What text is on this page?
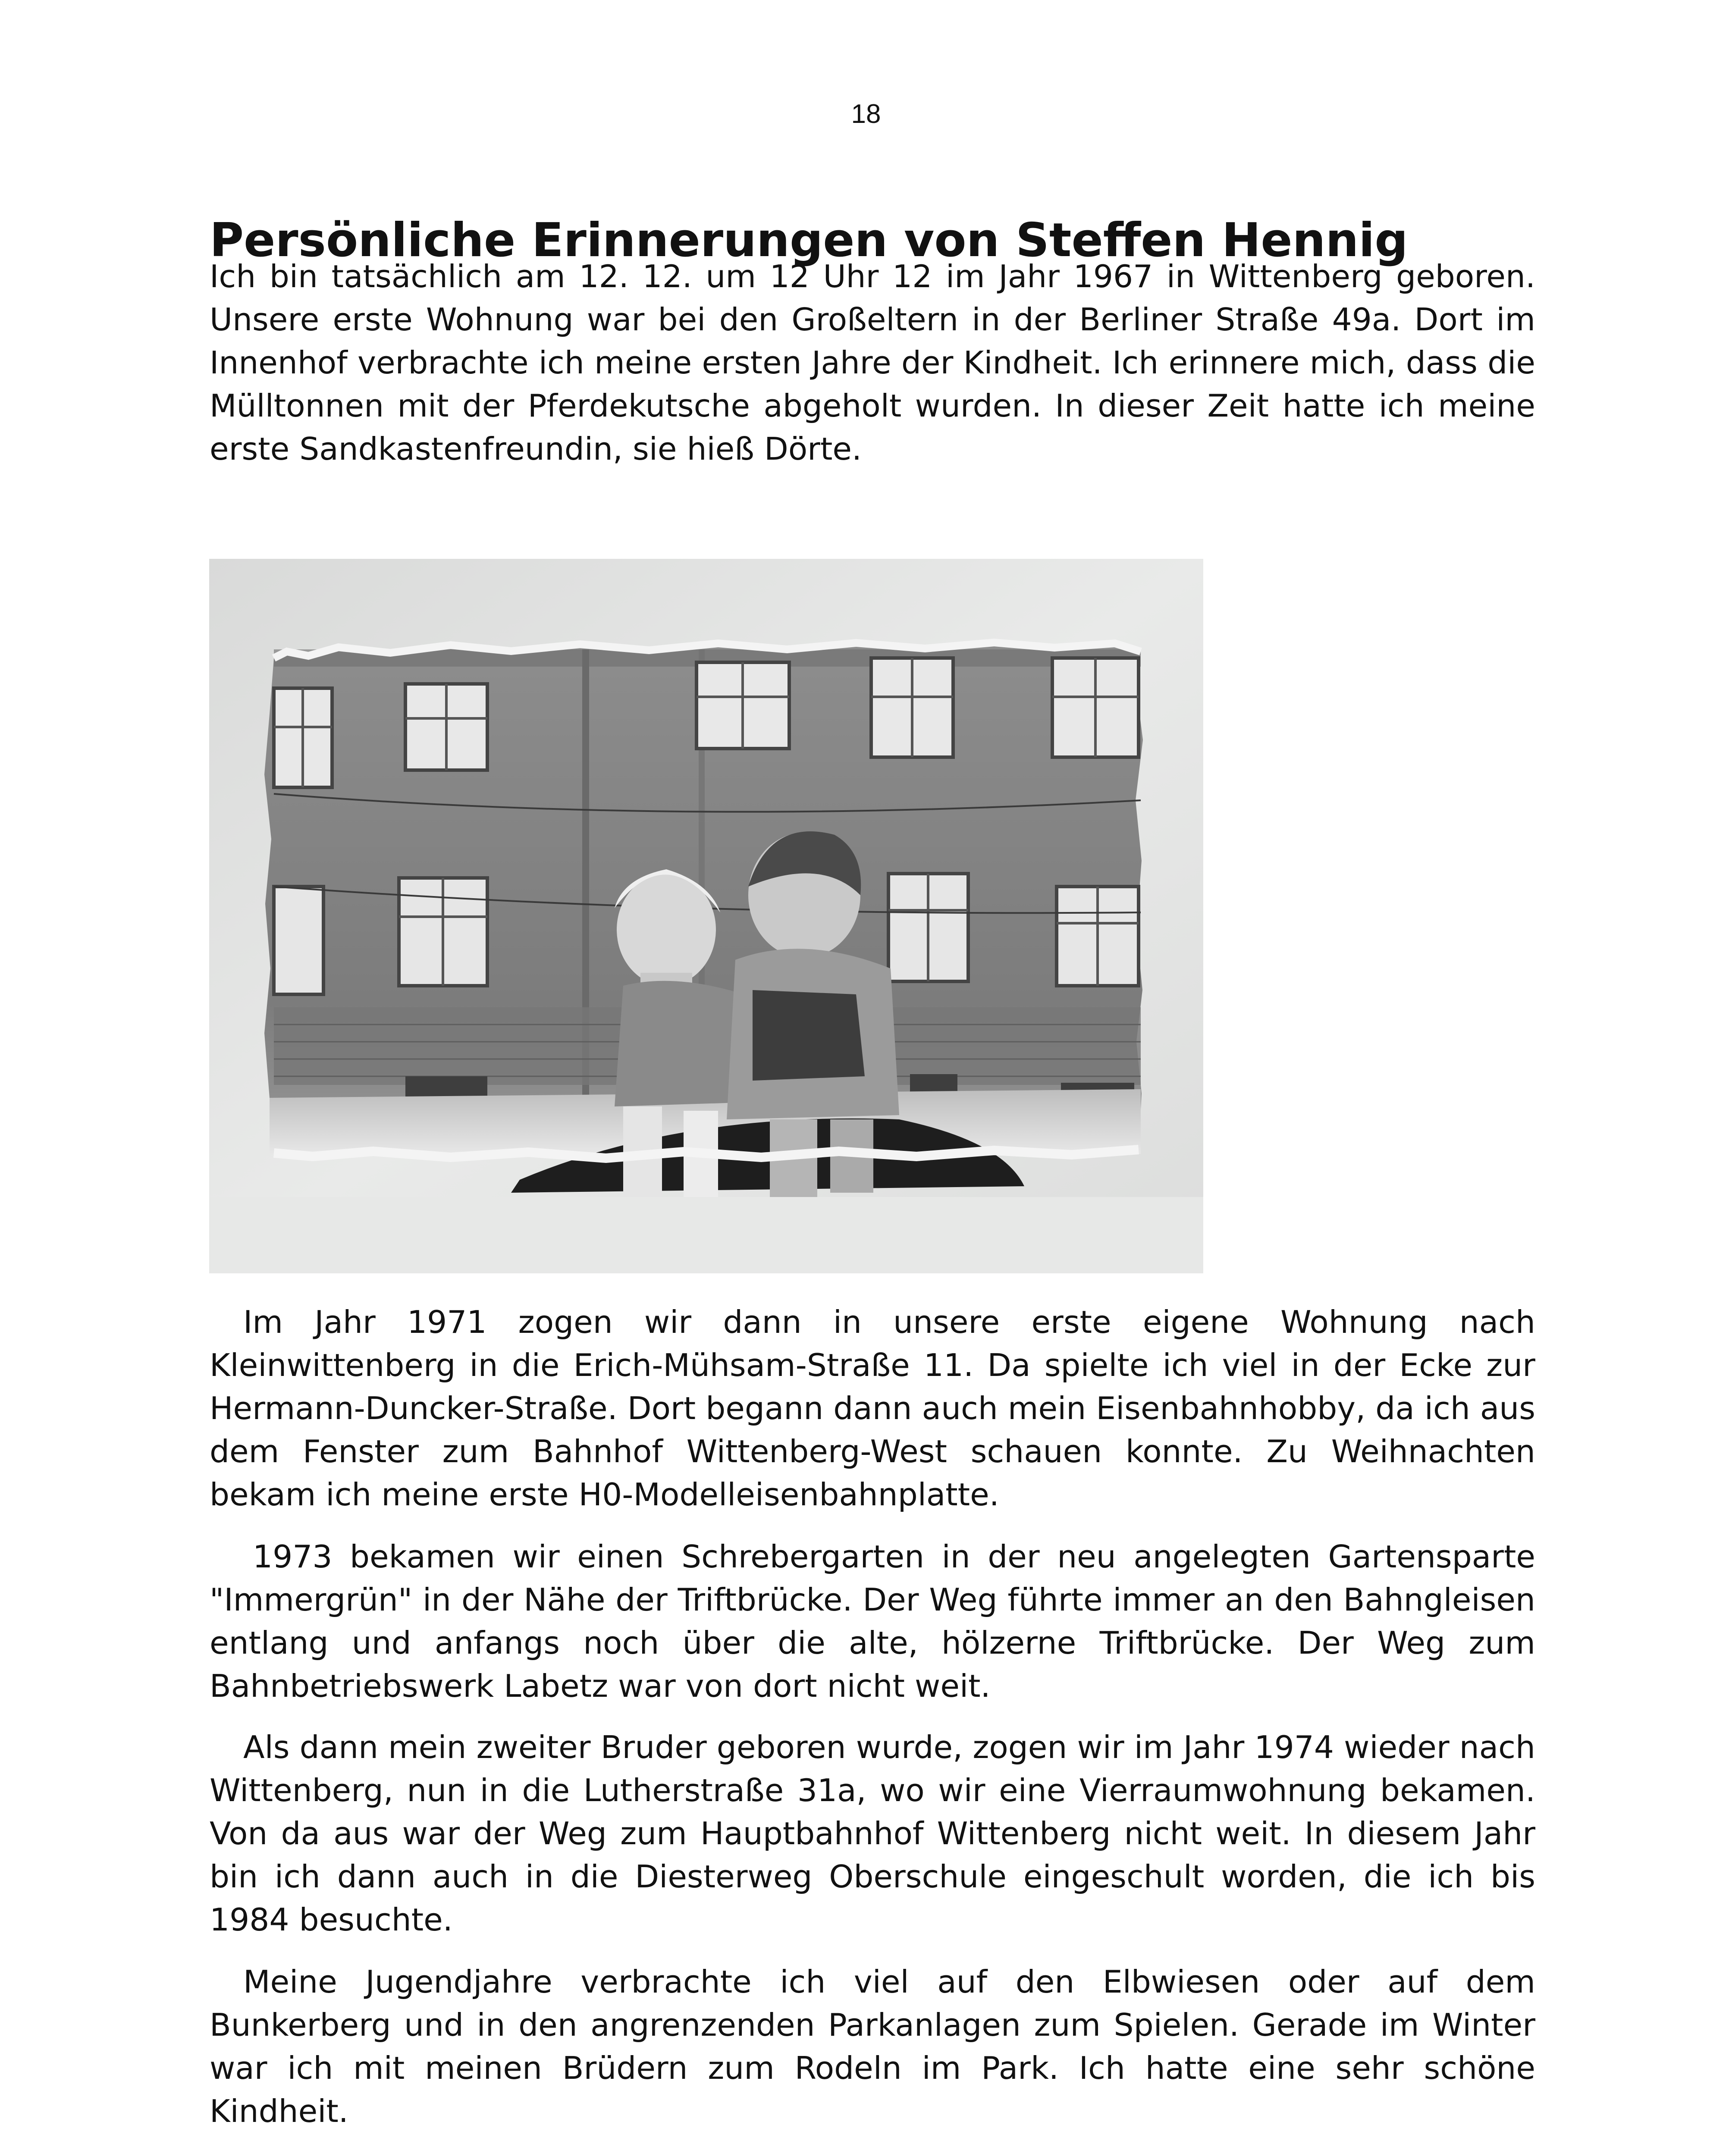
18
Persönliche Erinnerungen von Steffen Hennig

Ich bin tatsächlich am 12. 12. um 12 Uhr 12 im Jahr 1967 in Wittenberg geboren. Unsere erste Wohnung war bei den Großeltern in der Berliner Straße 49a. Dort im Innenhof verbrachte ich meine ersten Jahre der Kindheit. Ich erinnere mich, dass die Mülltonnen mit der Pferdekutsche abgeholt wurden. In dieser Zeit hatte ich meine erste Sandkastenfreundin, sie hieß Dörte.

Im Jahr 1971 zogen wir dann in unsere erste eigene Wohnung nach Kleinwittenberg in die Erich-Mühsam-Straße 11. Da spielte ich viel in der Ecke zur Hermann-Duncker-Straße. Dort begann dann auch mein Eisenbahnhobby, da ich aus dem Fenster zum Bahnhof Wittenberg-West schauen konnte. Zu Weihnachten bekam ich meine erste H0-Modelleisenbahnplatte.

1973 bekamen wir einen Schrebergarten in der neu angelegten Gartensparte "Immergrün" in der Nähe der Triftbrücke. Der Weg führte immer an den Bahngleisen entlang und anfangs noch über die alte, hölzerne Triftbrücke. Der Weg zum Bahnbetriebswerk Labetz war von dort nicht weit.

Als dann mein zweiter Bruder geboren wurde, zogen wir im Jahr 1974 wieder nach Wittenberg, nun in die Lutherstraße 31a, wo wir eine Vierraumwohnung bekamen. Von da aus war der Weg zum Hauptbahnhof Wittenberg nicht weit. In diesem Jahr bin ich dann auch in die Diesterweg Oberschule eingeschult worden, die ich bis 1984 besuchte.

Meine Jugendjahre verbrachte ich viel auf den Elbwiesen oder auf dem Bunkerberg und in den angrenzenden Parkanlagen zum Spielen. Gerade im Winter war ich mit meinen Brüdern zum Rodeln im Park. Ich hatte eine sehr schöne Kindheit.
